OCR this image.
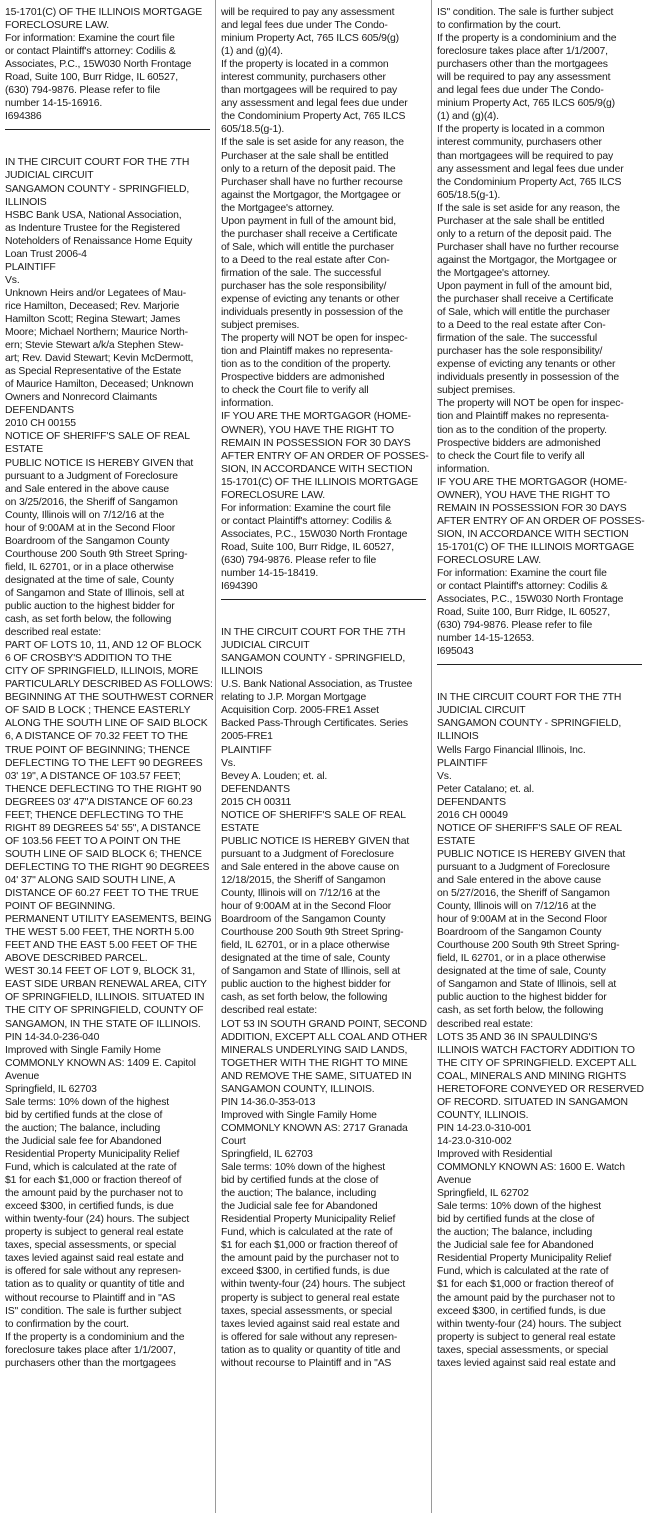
15-1701(C) OF THE ILLINOIS MORTGAGE
FORECLOSURE LAW.
For information: Examine the court file
or contact Plaintiff's attorney: Codilis &
Associates, P.C., 15W030 North Frontage
Road, Suite 100, Burr Ridge, IL 60527,
(630) 794-9876. Please refer to file
number 14-15-16916.
I694386
IN THE CIRCUIT COURT FOR THE 7TH
JUDICIAL CIRCUIT
SANGAMON COUNTY - SPRINGFIELD,
ILLINOIS
HSBC Bank USA, National Association,
as Indenture Trustee for the Registered
Noteholders of Renaissance Home Equity
Loan Trust 2006-4
PLAINTIFF
Vs.
Unknown Heirs and/or Legatees of Mau-
rice Hamilton, Deceased; Rev. Marjorie
Hamilton Scott; Regina Stewart; James
Moore; Michael Northern; Maurice North-
ern; Stevie Stewart a/k/a Stephen Stew-
art; Rev. David Stewart; Kevin McDermott,
as Special Representative of the Estate
of Maurice Hamilton, Deceased; Unknown
Owners and Nonrecord Claimants
DEFENDANTS
2010 CH 00155
NOTICE OF SHERIFF'S SALE OF REAL
ESTATE
PUBLIC NOTICE IS HEREBY GIVEN that
pursuant to a Judgment of Foreclosure
and Sale entered in the above cause
on 3/25/2016, the Sheriff of Sangamon
County, Illinois will on 7/12/16 at the
hour of 9:00AM at in the Second Floor
Boardroom of the Sangamon County
Courthouse 200 South 9th Street Spring-
field, IL 62701, or in a place otherwise
designated at the time of sale, County
of Sangamon and State of Illinois, sell at
public auction to the highest bidder for
cash, as set forth below, the following
described real estate:
PART OF LOTS 10, 11, AND 12 OF BLOCK
6 OF CROSBY'S ADDITION TO THE
CITY OF SPRINGFIELD, ILLINOIS, MORE
PARTICULARLY DESCRIBED AS FOLLOWS:
BEGINNING AT THE SOUTHWEST CORNER
OF SAID B LOCK ; THENCE EASTERLY
ALONG THE SOUTH LINE OF SAID BLOCK
6, A DISTANCE OF 70.32 FEET TO THE
TRUE POINT OF BEGINNING; THENCE
DEFLECTING TO THE LEFT 90 DEGREES
03' 19", A DISTANCE OF 103.57 FEET;
THENCE DEFLECTING TO THE RIGHT 90
DEGREES 03' 47"A DISTANCE OF 60.23
FEET; THENCE DEFLECTING TO THE
RIGHT 89 DEGREES 54' 55", A DISTANCE
OF 103.56 FEET TO A POINT ON THE
SOUTH LINE OF SAID BLOCK 6; THENCE
DEFLECTING TO THE RIGHT 90 DEGREES
04' 37" ALONG SAID SOUTH LINE, A
DISTANCE OF 60.27 FEET TO THE TRUE
POINT OF BEGINNING.
PERMANENT UTILITY EASEMENTS, BEING
THE WEST 5.00 FEET, THE NORTH 5.00
FEET AND THE EAST 5.00 FEET OF THE
ABOVE DESCRIBED PARCEL.
WEST 30.14 FEET OF LOT 9, BLOCK 31,
EAST SIDE URBAN RENEWAL AREA, CITY
OF SPRINGFIELD, ILLINOIS. SITUATED IN
THE CITY OF SPRINGFIELD, COUNTY OF
SANGAMON, IN THE STATE OF ILLINOIS.
PIN 14-34.0-236-040
Improved with Single Family Home
COMMONLY KNOWN AS: 1409 E. Capitol
Avenue
Springfield, IL 62703
Sale terms: 10% down of the highest
bid by certified funds at the close of
the auction; The balance, including
the Judicial sale fee for Abandoned
Residential Property Municipality Relief
Fund, which is calculated at the rate of
$1 for each $1,000 or fraction thereof of
the amount paid by the purchaser not to
exceed $300, in certified funds, is due
within twenty-four (24) hours. The subject
property is subject to general real estate
taxes, special assessments, or special
taxes levied against said real estate and
is offered for sale without any represen-
tation as to quality or quantity of title and
without recourse to Plaintiff and in "AS
IS" condition. The sale is further subject
to confirmation by the court.
If the property is a condominium and the
foreclosure takes place after 1/1/2007,
purchasers other than the mortgagees
will be required to pay any assessment
and legal fees due under The Condo-
minium Property Act, 765 ILCS 605/9(g)
(1) and (g)(4).
If the property is located in a common
interest community, purchasers other
than mortgagees will be required to pay
any assessment and legal fees due under
the Condominium Property Act, 765 ILCS
605/18.5(g-1).
If the sale is set aside for any reason, the
Purchaser at the sale shall be entitled
only to a return of the deposit paid. The
Purchaser shall have no further recourse
against the Mortgagor, the Mortgagee or
the Mortgagee's attorney.
Upon payment in full of the amount bid,
the purchaser shall receive a Certificate
of Sale, which will entitle the purchaser
to a Deed to the real estate after Con-
firmation of the sale. The successful
purchaser has the sole responsibility/
expense of evicting any tenants or other
individuals presently in possession of the
subject premises.
The property will NOT be open for inspec-
tion and Plaintiff makes no representa-
tion as to the condition of the property.
Prospective bidders are admonished
to check the Court file to verify all
information.
IF YOU ARE THE MORTGAGOR (HOME-
OWNER), YOU HAVE THE RIGHT TO
REMAIN IN POSSESSION FOR 30 DAYS
AFTER ENTRY OF AN ORDER OF POSSES-
SION, IN ACCORDANCE WITH SECTION
15-1701(C) OF THE ILLINOIS MORTGAGE
FORECLOSURE LAW.
For information: Examine the court file
or contact Plaintiff's attorney: Codilis &
Associates, P.C., 15W030 North Frontage
Road, Suite 100, Burr Ridge, IL 60527,
(630) 794-9876. Please refer to file
number 14-15-18419.
I694390
IN THE CIRCUIT COURT FOR THE 7TH
JUDICIAL CIRCUIT
SANGAMON COUNTY - SPRINGFIELD,
ILLINOIS
U.S. Bank National Association, as Trustee
relating to J.P. Morgan Mortgage
Acquisition Corp. 2005-FRE1 Asset
Backed Pass-Through Certificates. Series
2005-FRE1
PLAINTIFF
Vs.
Bevey A. Louden; et. al.
DEFENDANTS
2015 CH 00311
NOTICE OF SHERIFF'S SALE OF REAL
ESTATE
PUBLIC NOTICE IS HEREBY GIVEN that
pursuant to a Judgment of Foreclosure
and Sale entered in the above cause on
12/18/2015, the Sheriff of Sangamon
County, Illinois will on 7/12/16 at the
hour of 9:00AM at in the Second Floor
Boardroom of the Sangamon County
Courthouse 200 South 9th Street Spring-
field, IL 62701, or in a place otherwise
designated at the time of sale, County
of Sangamon and State of Illinois, sell at
public auction to the highest bidder for
cash, as set forth below, the following
described real estate:
LOT 53 IN SOUTH GRAND POINT, SECOND
ADDITION, EXCEPT ALL COAL AND OTHER
MINERALS UNDERLYING SAID LANDS,
TOGETHER WITH THE RIGHT TO MINE
AND REMOVE THE SAME, SITUATED IN
SANGAMON COUNTY, ILLINOIS.
PIN 14-36.0-353-013
Improved with Single Family Home
COMMONLY KNOWN AS: 2717 Granada
Court
Springfield, IL 62703
Sale terms: 10% down of the highest
bid by certified funds at the close of
the auction; The balance, including
the Judicial sale fee for Abandoned
Residential Property Municipality Relief
Fund, which is calculated at the rate of
$1 for each $1,000 or fraction thereof of
the amount paid by the purchaser not to
exceed $300, in certified funds, is due
within twenty-four (24) hours. The subject
property is subject to general real estate
taxes, special assessments, or special
taxes levied against said real estate and
is offered for sale without any represen-
tation as to quality or quantity of title and
without recourse to Plaintiff and in "AS
IS" condition. The sale is further subject
to confirmation by the court.
If the property is a condominium and the
foreclosure takes place after 1/1/2007,
purchasers other than the mortgagees
will be required to pay any assessment
and legal fees due under The Condo-
minium Property Act, 765 ILCS 605/9(g)
(1) and (g)(4).
If the property is located in a common
interest community, purchasers other
than mortgagees will be required to pay
any assessment and legal fees due under
the Condominium Property Act, 765 ILCS
605/18.5(g-1).
If the sale is set aside for any reason, the
Purchaser at the sale shall be entitled
only to a return of the deposit paid. The
Purchaser shall have no further recourse
against the Mortgagor, the Mortgagee or
the Mortgagee's attorney.
Upon payment in full of the amount bid,
the purchaser shall receive a Certificate
of Sale, which will entitle the purchaser
to a Deed to the real estate after Con-
firmation of the sale. The successful
purchaser has the sole responsibility/
expense of evicting any tenants or other
individuals presently in possession of the
subject premises.
The property will NOT be open for inspec-
tion and Plaintiff makes no representa-
tion as to the condition of the property.
Prospective bidders are admonished
to check the Court file to verify all
information.
IF YOU ARE THE MORTGAGOR (HOME-
OWNER), YOU HAVE THE RIGHT TO
REMAIN IN POSSESSION FOR 30 DAYS
AFTER ENTRY OF AN ORDER OF POSSES-
SION, IN ACCORDANCE WITH SECTION
15-1701(C) OF THE ILLINOIS MORTGAGE
FORECLOSURE LAW.
For information: Examine the court file
or contact Plaintiff's attorney: Codilis &
Associates, P.C., 15W030 North Frontage
Road, Suite 100, Burr Ridge, IL 60527,
(630) 794-9876. Please refer to file
number 14-15-12653.
I695043
IN THE CIRCUIT COURT FOR THE 7TH
JUDICIAL CIRCUIT
SANGAMON COUNTY - SPRINGFIELD,
ILLINOIS
Wells Fargo Financial Illinois, Inc.
PLAINTIFF
Vs.
Peter Catalano; et. al.
DEFENDANTS
2016 CH 00049
NOTICE OF SHERIFF'S SALE OF REAL
ESTATE
PUBLIC NOTICE IS HEREBY GIVEN that
pursuant to a Judgment of Foreclosure
and Sale entered in the above cause
on 5/27/2016, the Sheriff of Sangamon
County, Illinois will on 7/12/16 at the
hour of 9:00AM at in the Second Floor
Boardroom of the Sangamon County
Courthouse 200 South 9th Street Spring-
field, IL 62701, or in a place otherwise
designated at the time of sale, County
of Sangamon and State of Illinois, sell at
public auction to the highest bidder for
cash, as set forth below, the following
described real estate:
LOTS 35 AND 36 IN SPAULDING'S
ILLINOIS WATCH FACTORY ADDITION TO
THE CITY OF SPRINGFIELD. EXCEPT ALL
COAL, MINERALS AND MINING RIGHTS
HERETOFORE CONVEYED OR RESERVED
OF RECORD. SITUATED IN SANGAMON
COUNTY, ILLINOIS.
PIN 14-23.0-310-001
14-23.0-310-002
Improved with Residential
COMMONLY KNOWN AS: 1600 E. Watch
Avenue
Springfield, IL 62702
Sale terms: 10% down of the highest
bid by certified funds at the close of
the auction; The balance, including
the Judicial sale fee for Abandoned
Residential Property Municipality Relief
Fund, which is calculated at the rate of
$1 for each $1,000 or fraction thereof of
the amount paid by the purchaser not to
exceed $300, in certified funds, is due
within twenty-four (24) hours. The subject
property is subject to general real estate
taxes, special assessments, or special
taxes levied against said real estate and
